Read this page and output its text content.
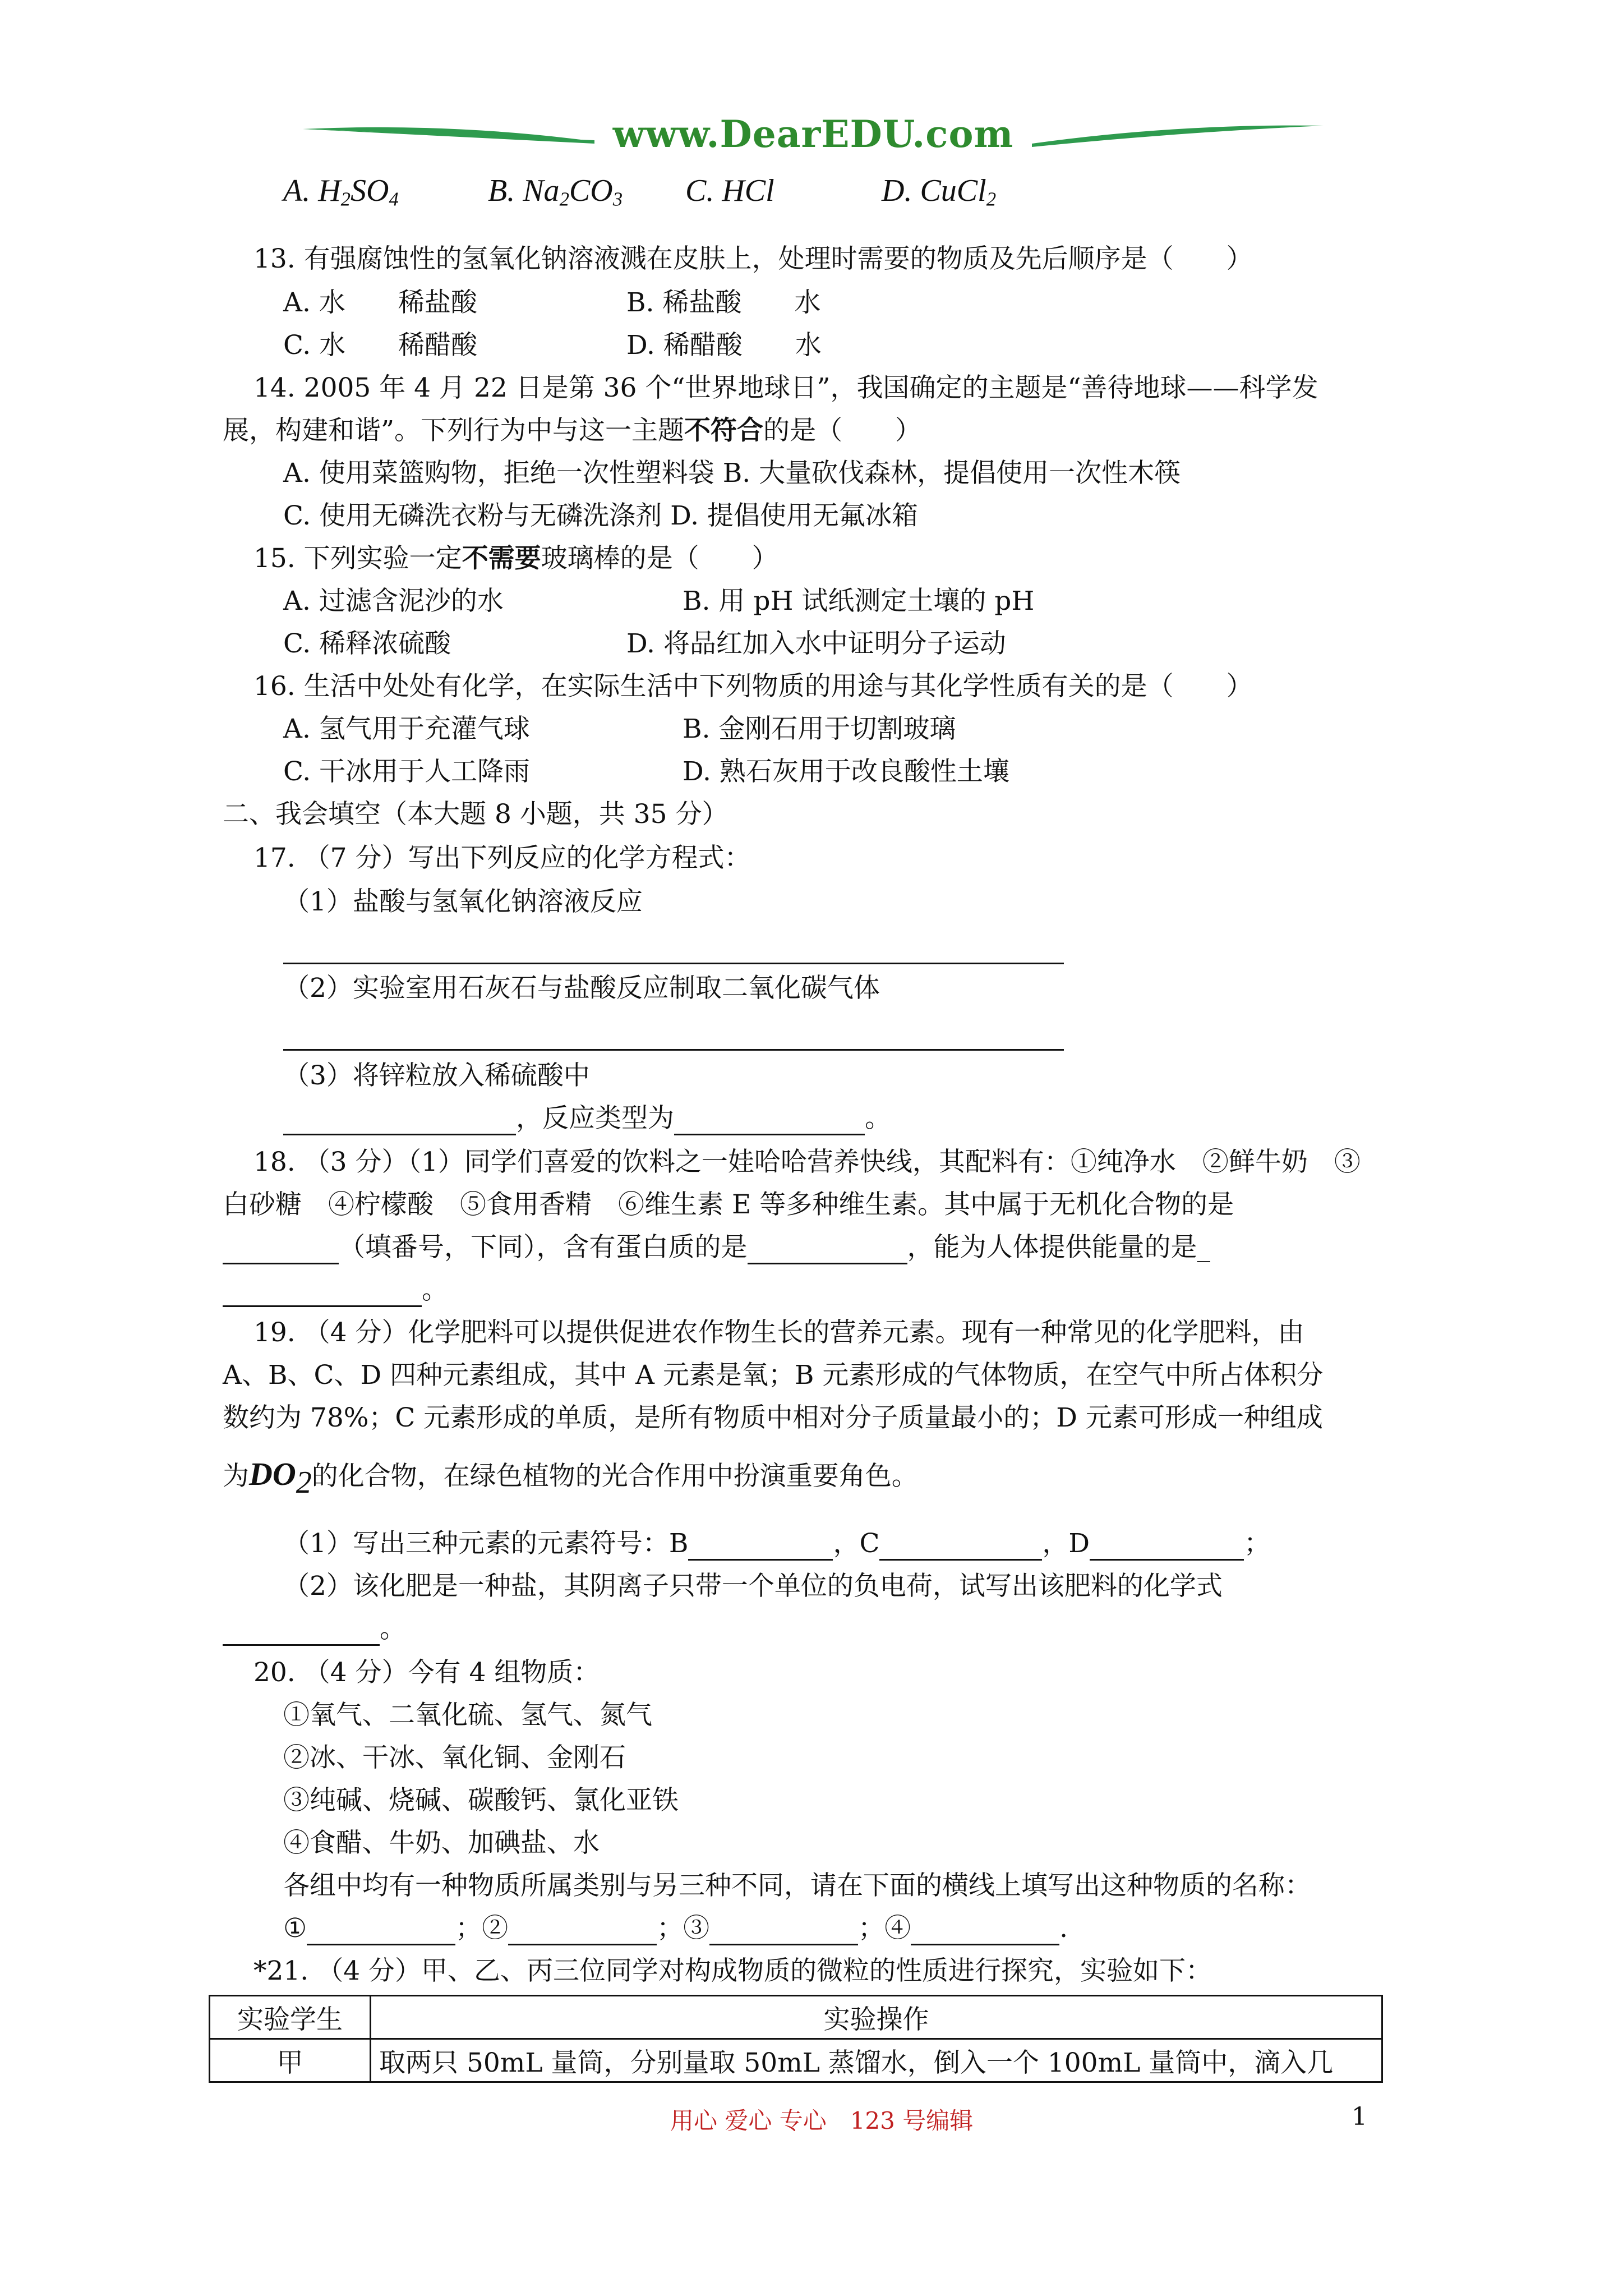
www.DearEDU.com
A. $H_2SO_4$	B. $Na_2CO_3$ C. HCl	D. CuCl$_2$
13. 有强腐蚀性的氢氧化钠溶液溅在皮肤上，处理时需要的物质及先后顺序是（　　）
A. 水　　稀盐酸	B. 稀盐酸　　水
C. 水　　稀醋酸	D. 稀醋酸　　水
14. 2005 年 4 月 22 日是第 36 个“世界地球日”，我国确定的主题是“善待地球——科学发
展，构建和谐”。下列行为中与这一主题不符合的是（　　）
A. 使用菜篮购物，拒绝一次性塑料袋 B. 大量砍伐森林，提倡使用一次性木筷
C. 使用无磷洗衣粉与无磷洗涤剂 D. 提倡使用无氟冰箱
15. 下列实验一定不需要玻璃棒的是（　　）
A. 过滤含泥沙的水	B. 用 pH 试纸测定土壤的 pH
C. 稀释浓硫酸	D. 将品红加入水中证明分子运动
16. 生活中处处有化学，在实际生活中下列物质的用途与其化学性质有关的是（　　）
A. 氢气用于充灌气球	B. 金刚石用于切割玻璃
C. 干冰用于人工降雨	D. 熟石灰用于改良酸性土壤
二、我会填空（本大题 8 小题，共 35 分）
17. （7 分）写出下列反应的化学方程式：
（1）盐酸与氢氧化钠溶液反应
（2）实验室用石灰石与盐酸反应制取二氧化碳气体
（3）将锌粒放入稀硫酸中
，反应类型为	。
18. （3 分）（1）同学们喜爱的饮料之一娃哈哈营养快线，其配料有：①纯净水　②鲜牛奶　③
白砂糖　④柠檬酸　⑤食用香精　⑥维生素 E 等多种维生素。其中属于无机化合物的是
（填番号，下同），含有蛋白质的是	，能为人体提供能量的是_
。
19. （4 分）化学肥料可以提供促进农作物生长的营养元素。现有一种常见的化学肥料，由
A、B、C、D 四种元素组成，其中 A 元素是氧；B 元素形成的气体物质，在空气中所占体积分
数约为 78%；C 元素形成的单质，是所有物质中相对分子质量最小的；D 元素可形成一种组成
为$DO_2$的化合物，在绿色植物的光合作用中扮演重要角色。
（1）写出三种元素的元素符号：B	，C	，D	；
（2）该化肥是一种盐，其阴离子只带一个单位的负电荷，试写出该肥料的化学式
。
20. （4 分）今有 4 组物质：
①氧气、二氧化硫、氢气、氮气
②冰、干冰、氧化铜、金刚石
③纯碱、烧碱、碳酸钙、氯化亚铁
④食醋、牛奶、加碘盐、水
各组中均有一种物质所属类别与另三种不同，请在下面的横线上填写出这种物质的名称：
①	；②	；③	；④	.
*21. （4 分）甲、乙、丙三位同学对构成物质的微粒的性质进行探究，实验如下：
实验学生	实验操作
甲	取两只 50mL 量筒，分别量取 50mL 蒸馏水，倒入一个 100mL 量筒中，滴入几
用心 爱心 专心　123 号编辑	1
